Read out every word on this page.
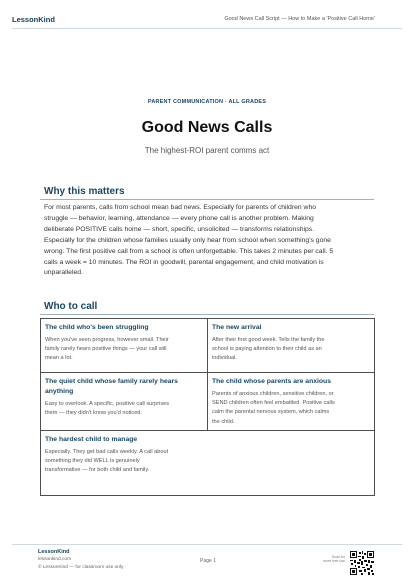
LessonKind	Good News Call Script — How to Make a 'Positive Call Home'
PARENT COMMUNICATION · ALL GRADES
Good News Calls
The highest-ROI parent comms act
Why this matters

For most parents, calls from school mean bad news. Especially for parents of children who
struggle — behavior, learning, attendance — every phone call is another problem. Making
deliberate POSITIVE calls home — short, specific, unsolicited — transforms relationships.
Especially for the children whose families usually only hear from school when something's gone
wrong. The first positive call from a school is often unforgettable. This takes 2 minutes per call. 5
calls a week = 10 minutes. The ROI in goodwill, parental engagement, and child motivation is
unparalleled.

Who to call
The child who's been struggling
When you've seen progress, however small. Their
family rarely hears positive things — your call will
mean a lot.
The new arrival
After their first good week. Tells the family the
school is paying attention to their child as an
individual.
The quiet child whose family rarely hears
anything
Easy to overlook. A specific, positive call surprises
them — they didn't know you'd noticed.
The child whose parents are anxious
Parents of anxious children, sensitive children, or
SEND children often feel embattled. Positive calls
calm the parental nervous system, which calms
the child.
The hardest child to manage
Especially. They get bad calls weekly. A call about
something they did WELL is genuinely
transformative — for both child and family.
LessonKind
lessonkind.com
© LessonKind — for classroom use only
Page 1
Scan for
more free use
